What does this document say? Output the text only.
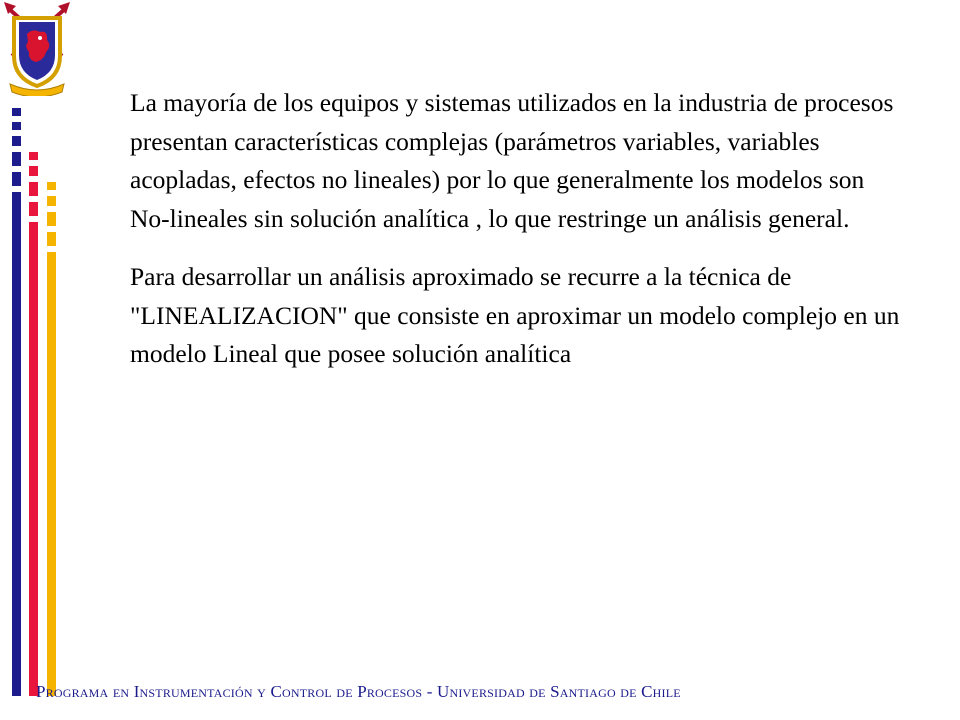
La mayoría de los equipos y sistemas utilizados en la industria de procesos presentan características complejas (parámetros variables, variables acopladas, efectos no lineales) por lo que generalmente los modelos son No-lineales sin solución analítica , lo que restringe un análisis general.

Para desarrollar un análisis aproximado se recurre a la técnica de "LINEALIZACION" que consiste en aproximar un modelo complejo en un modelo Lineal que posee solución analítica

Programa en Instrumentación y Control de Procesos - Universidad de Santiago de Chile
